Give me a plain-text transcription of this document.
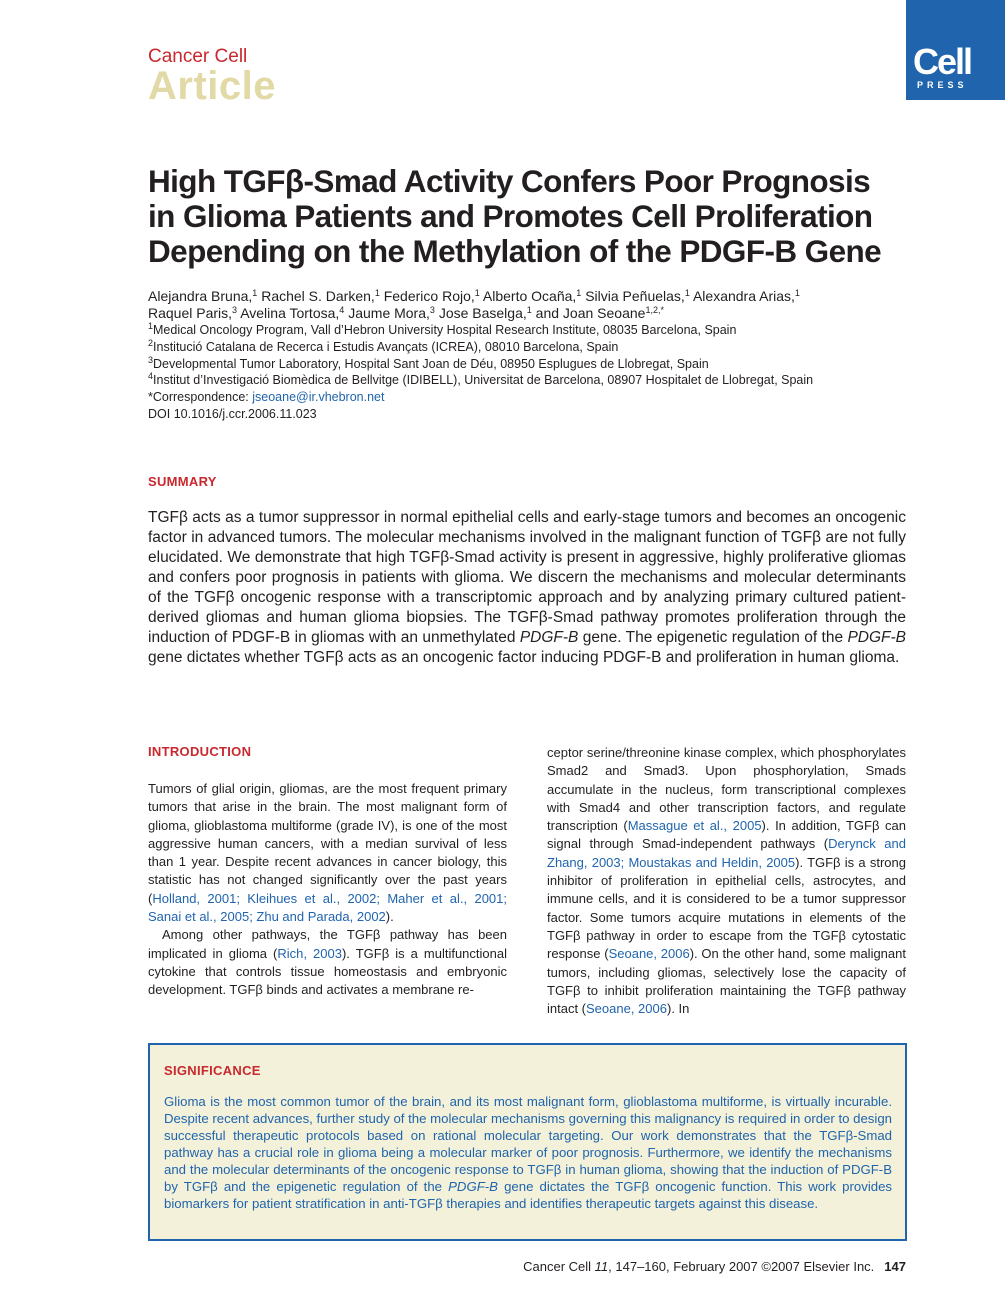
Cancer Cell
Article
Cell
PRESS
High TGFβ-Smad Activity Confers Poor Prognosis
in Glioma Patients and Promotes Cell Proliferation
Depending on the Methylation of the PDGF-B Gene
Alejandra Bruna,$^1$ Rachel S. Darken,$^1$ Federico Rojo,$^1$ Alberto Ocaña,$^1$ Silvia Peñuelas,$^1$ Alexandra Arias,$^1$
Raquel Paris,$^3$ Avelina Tortosa,$^4$ Jaume Mora,$^3$ Jose Baselga,$^1$ and Joan Seoane$^{1,2,*}$
$^1$Medical Oncology Program, Vall d’Hebron University Hospital Research Institute, 08035 Barcelona, Spain
$^2$Institució Catalana de Recerca i Estudis Avançats (ICREA), 08010 Barcelona, Spain
$^3$Developmental Tumor Laboratory, Hospital Sant Joan de Déu, 08950 Esplugues de Llobregat, Spain
$^4$Institut d’Investigació Biomèdica de Bellvitge (IDIBELL), Universitat de Barcelona, 08907 Hospitalet de Llobregat, Spain
*Correspondence: jseoane@ir.vhebron.net
DOI 10.1016/j.ccr.2006.11.023
SUMMARY
TGFβ acts as a tumor suppressor in normal epithelial cells and early-stage tumors and becomes an oncogenic factor in advanced tumors. The molecular mechanisms involved in the malignant function of TGFβ are not fully elucidated. We demonstrate that high TGFβ-Smad activity is present in aggressive, highly proliferative gliomas and confers poor prognosis in patients with glioma. We discern the mechanisms and molecular determinants of the TGFβ oncogenic response with a transcriptomic approach and by analyzing primary cultured patient-derived gliomas and human glioma biopsies. The TGFβ-Smad pathway promotes proliferation through the induction of PDGF-B in gliomas with an unmethylated PDGF-B gene. The epigenetic regulation of the PDGF-B gene dictates whether TGFβ acts as an oncogenic factor inducing PDGF-B and proliferation in human glioma.
INTRODUCTION

Tumors of glial origin, gliomas, are the most frequent primary tumors that arise in the brain. The most malignant form of glioma, glioblastoma multiforme (grade IV), is one of the most aggressive human cancers, with a median survival of less than 1 year. Despite recent advances in cancer biology, this statistic has not changed significantly over the past years (Holland, 2001; Kleihues et al., 2002; Maher et al., 2001; Sanai et al., 2005; Zhu and Parada, 2002).

Among other pathways, the TGFβ pathway has been implicated in glioma (Rich, 2003). TGFβ is a multifunctional cytokine that controls tissue homeostasis and embryonic development. TGFβ binds and activates a membrane re-

ceptor serine/threonine kinase complex, which phosphorylates Smad2 and Smad3. Upon phosphorylation, Smads accumulate in the nucleus, form transcriptional complexes with Smad4 and other transcription factors, and regulate transcription (Massague et al., 2005). In addition, TGFβ can signal through Smad-independent pathways (Derynck and Zhang, 2003; Moustakas and Heldin, 2005). TGFβ is a strong inhibitor of proliferation in epithelial cells, astrocytes, and immune cells, and it is considered to be a tumor suppressor factor. Some tumors acquire mutations in elements of the TGFβ pathway in order to escape from the TGFβ cytostatic response (Seoane, 2006). On the other hand, some malignant tumors, including gliomas, selectively lose the capacity of TGFβ to inhibit proliferation maintaining the TGFβ pathway intact (Seoane, 2006). In

SIGNIFICANCE
Glioma is the most common tumor of the brain, and its most malignant form, glioblastoma multiforme, is virtually incurable. Despite recent advances, further study of the molecular mechanisms governing this malignancy is required in order to design successful therapeutic protocols based on rational molecular targeting. Our work demonstrates that the TGFβ-Smad pathway has a crucial role in glioma being a molecular marker of poor prognosis. Furthermore, we identify the mechanisms and the molecular determinants of the oncogenic response to TGFβ in human glioma, showing that the induction of PDGF-B by TGFβ and the epigenetic regulation of the PDGF-B gene dictates the TGFβ oncogenic function. This work provides biomarkers for patient stratification in anti-TGFβ therapies and identifies therapeutic targets against this disease.
Cancer Cell 11, 147–160, February 2007 ©2007 Elsevier Inc. 147
